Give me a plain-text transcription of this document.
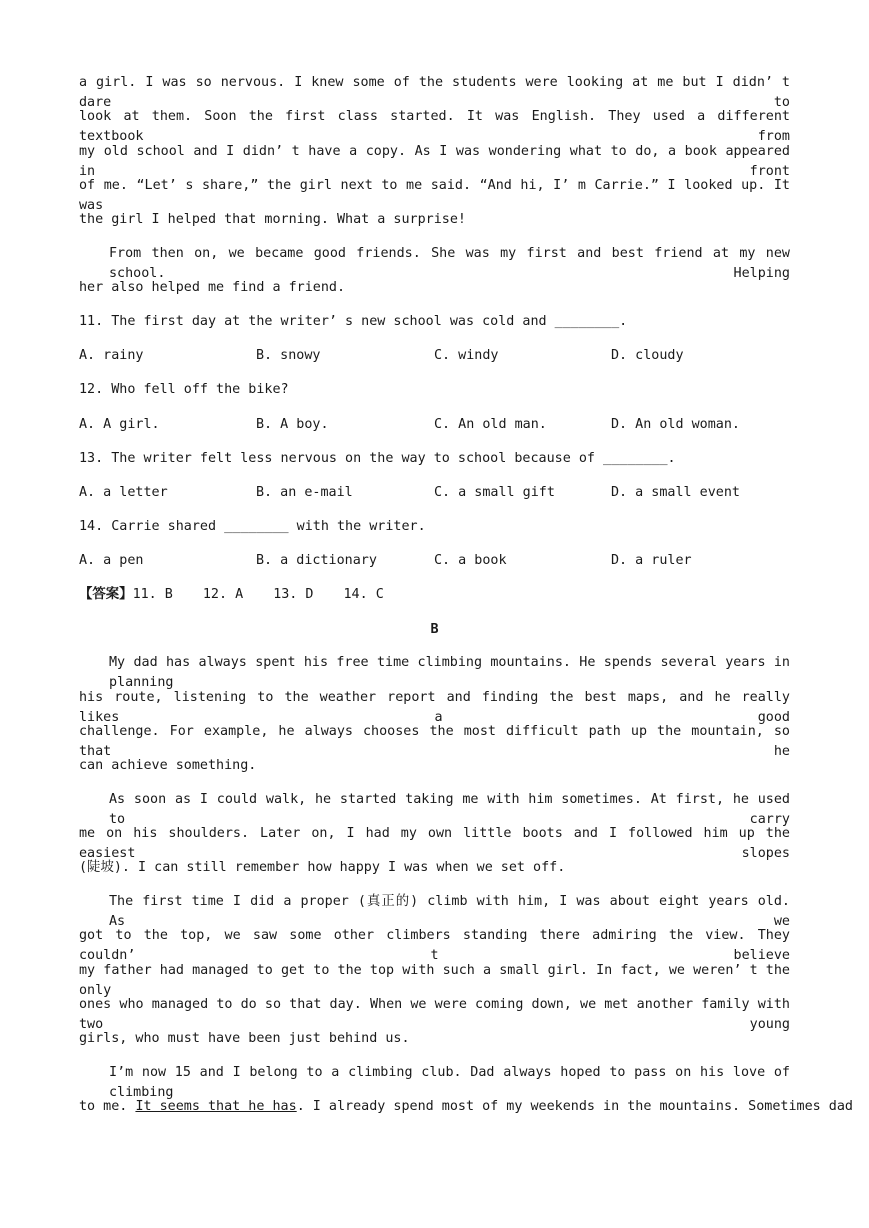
a girl. I was so nervous. I knew some of the students were looking at me but I didn’ t dare to
look at them. Soon the first class started. It was English. They used a different textbook from
my old school and I didn’ t have a copy. As I was wondering what to do, a book appeared in front
of me. “Let’ s share,” the girl next to me said. “And hi, I’ m Carrie.” I looked up. It was
the girl I helped that morning. What a surprise!
From then on, we became good friends. She was my first and best friend at my new school. Helping
her also helped me find a friend.
11. The first day at the writer’ s new school was cold and ________.
A. rainy	B. snowy	C. windy	D. cloudy
12. Who fell off the bike?
A. A girl.	B. A boy.	C. An old man.	D. An old woman.
13. The writer felt less nervous on the way to school because of ________.
A. a letter	B. an e-mail	C. a small gift	D. a small event
14. Carrie shared ________ with the writer.
A. a pen	B. a dictionary	C. a book	D. a ruler
【答案】11. B 12. A 13. D 14. C
B
My dad has always spent his free time climbing mountains. He spends several years in planning
his route, listening to the weather report and finding the best maps, and he really likes a good
challenge. For example, he always chooses the most difficult path up the mountain, so that he
can achieve something.
As soon as I could walk, he started taking me with him sometimes. At first, he used to carry
me on his shoulders. Later on, I had my own little boots and I followed him up the easiest slopes
(陡坡). I can still remember how happy I was when we set off.
The first time I did a proper (真正的) climb with him, I was about eight years old. As we
got to the top, we saw some other climbers standing there admiring the view. They couldn’ t believe
my father had managed to get to the top with such a small girl. In fact, we weren’ t the only
ones who managed to do so that day. When we were coming down, we met another family with two young
girls, who must have been just behind us.
I’m now 15 and I belong to a climbing club. Dad always hoped to pass on his love of climbing
to me. It seems that he has. I already spend most of my weekends in the mountains. Sometimes dad
